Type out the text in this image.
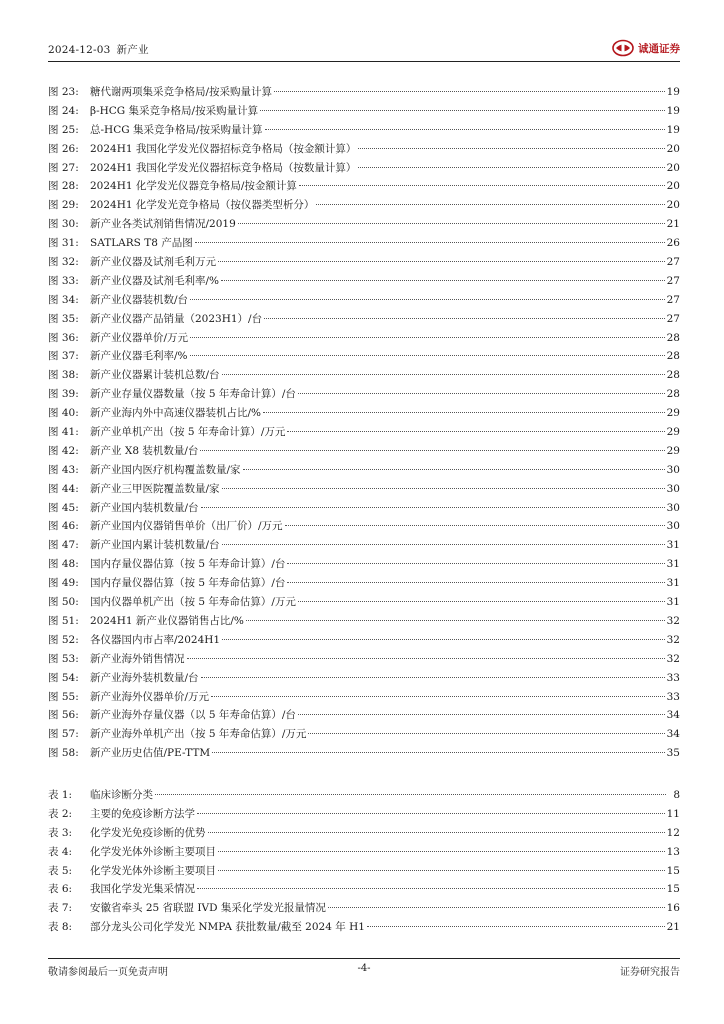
2024-12-03 新产业	诚通证券
图 23:	糖代谢两项集采竞争格局/按采购量计算	19
图 24:	β-HCG 集采竞争格局/按采购量计算	19
图 25:	总-HCG 集采竞争格局/按采购量计算	19
图 26:	2024H1 我国化学发光仪器招标竞争格局（按金额计算）	20
图 27:	2024H1 我国化学发光仪器招标竞争格局（按数量计算）	20
图 28:	2024H1 化学发光仪器竞争格局/按金额计算	20
图 29:	2024H1 化学发光竞争格局（按仪器类型析分）	20
图 30:	新产业各类试剂销售情况/2019	21
图 31:	SATLARS T8 产品图	26
图 32:	新产业仪器及试剂毛利万元	27
图 33:	新产业仪器及试剂毛利率/%	27
图 34:	新产业仪器装机数/台	27
图 35:	新产业仪器产品销量（2023H1）/台	27
图 36:	新产业仪器单价/万元	28
图 37:	新产业仪器毛利率/%	28
图 38:	新产业仪器累计装机总数/台	28
图 39:	新产业存量仪器数量（按 5 年寿命计算）/台	28
图 40:	新产业海内外中高速仪器装机占比/%	29
图 41:	新产业单机产出（按 5 年寿命计算）/万元	29
图 42:	新产业 X8 装机数量/台	29
图 43:	新产业国内医疗机构覆盖数量/家	30
图 44:	新产业三甲医院覆盖数量/家	30
图 45:	新产业国内装机数量/台	30
图 46:	新产业国内仪器销售单价（出厂价）/万元	30
图 47:	新产业国内累计装机数量/台	31
图 48:	国内存量仪器估算（按 5 年寿命计算）/台	31
图 49:	国内存量仪器估算（按 5 年寿命估算）/台	31
图 50:	国内仪器单机产出（按 5 年寿命估算）/万元	31
图 51:	2024H1 新产业仪器销售占比/%	32
图 52:	各仪器国内市占率/2024H1	32
图 53:	新产业海外销售情况	32
图 54:	新产业海外装机数量/台	33
图 55:	新产业海外仪器单价/万元	33
图 56:	新产业海外存量仪器（以 5 年寿命估算）/台	34
图 57:	新产业海外单机产出（按 5 年寿命估算）/万元	34
图 58:	新产业历史估值/PE-TTM	35
表 1:	临床诊断分类	8
表 2:	主要的免疫诊断方法学	11
表 3:	化学发光免疫诊断的优势	12
表 4:	化学发光体外诊断主要项目	13
表 5:	化学发光体外诊断主要项目	15
表 6:	我国化学发光集采情况	15
表 7:	安徽省牵头 25 省联盟 IVD 集采化学发光报量情况	16
表 8:	部分龙头公司化学发光 NMPA 获批数量/截至 2024 年 H1	21
敬请参阅最后一页免责声明	-4-	证券研究报告
